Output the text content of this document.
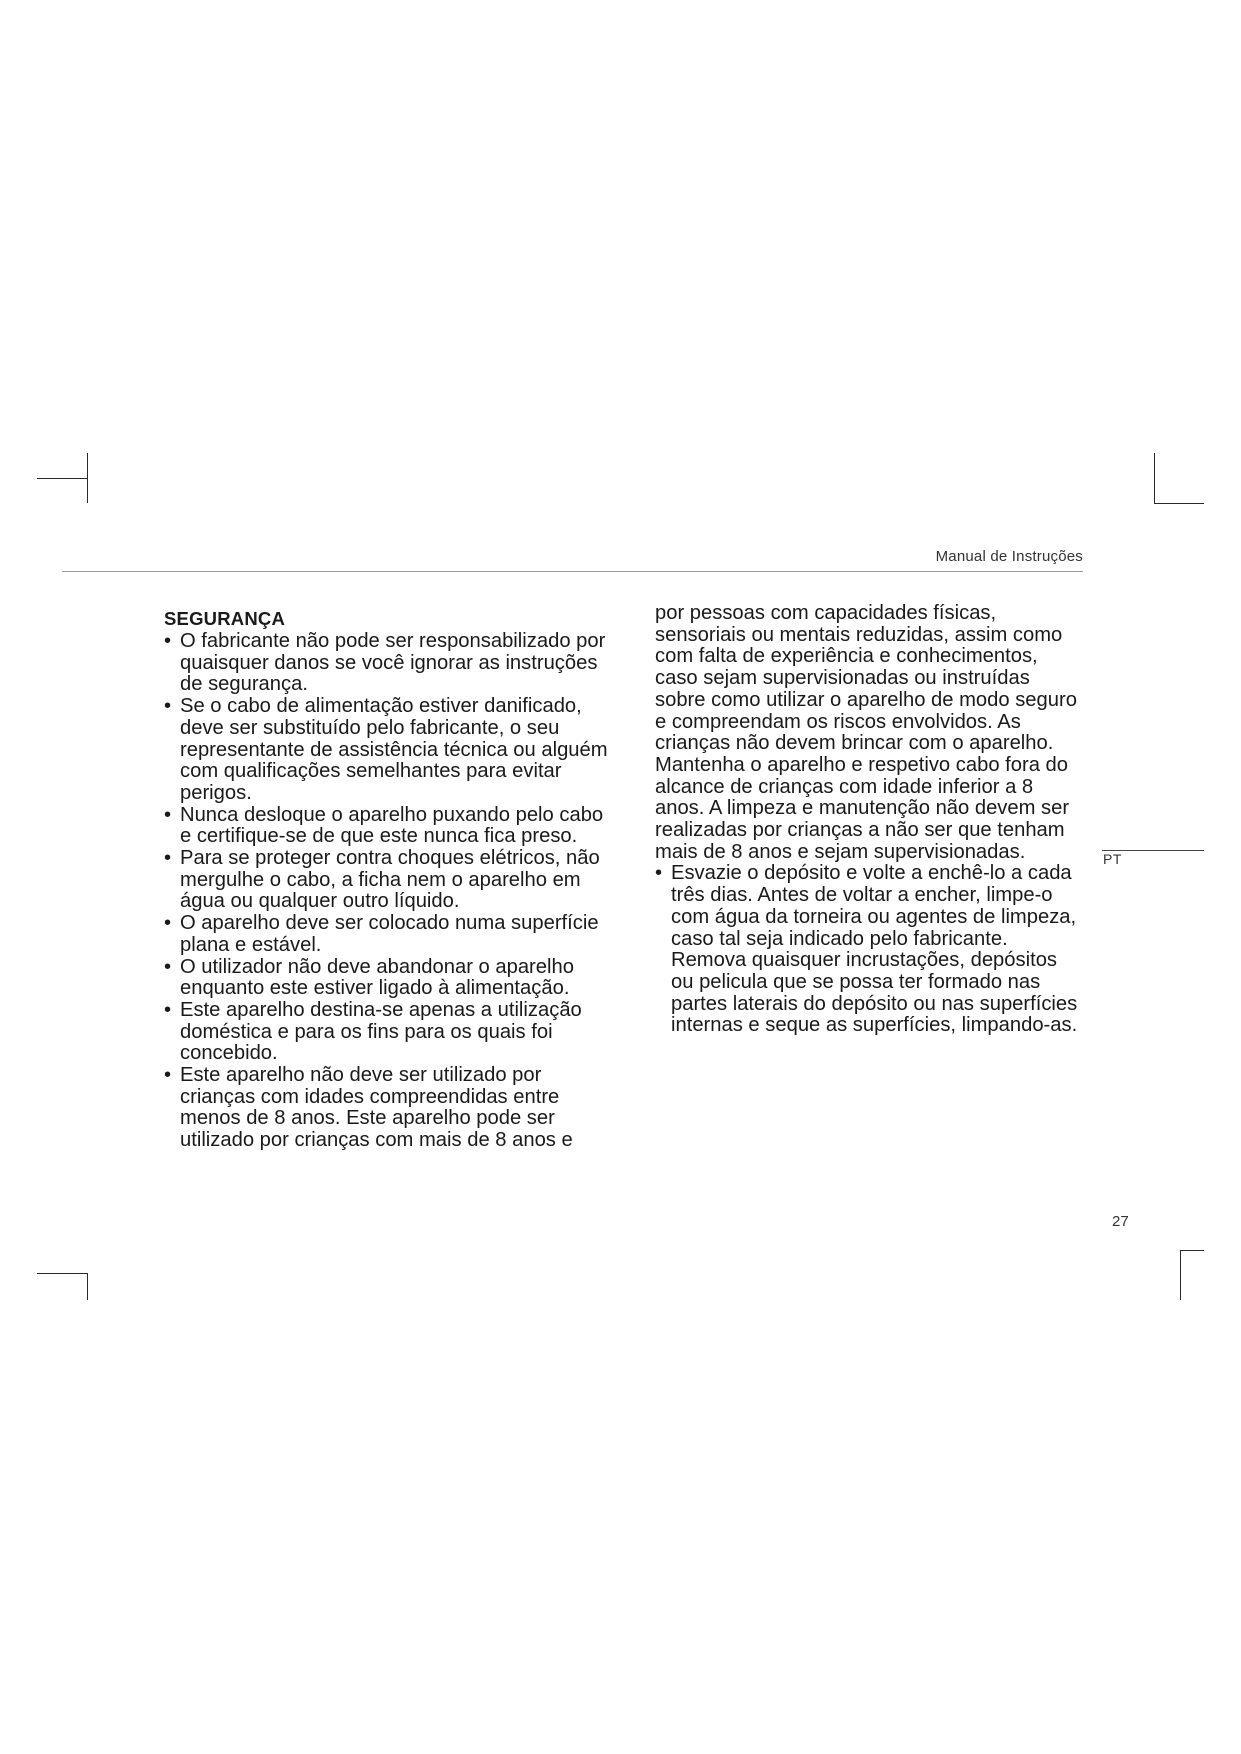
Manual de Instruções
SEGURANÇA
• O fabricante não pode ser responsabilizado por quaisquer danos se você ignorar as instruções de segurança.
• Se o cabo de alimentação estiver danificado, deve ser substituído pelo fabricante, o seu representante de assistência técnica ou alguém com qualificações semelhantes para evitar perigos.
• Nunca desloque o aparelho puxando pelo cabo e certifique-se de que este nunca fica preso.
• Para se proteger contra choques elétricos, não mergulhe o cabo, a ficha nem o aparelho em água ou qualquer outro líquido.
• O aparelho deve ser colocado numa superfície plana e estável.
• O utilizador não deve abandonar o aparelho enquanto este estiver ligado à alimentação.
• Este aparelho destina-se apenas a utilização doméstica e para os fins para os quais foi concebido.
• Este aparelho não deve ser utilizado por crianças com idades compreendidas entre menos de 8 anos. Este aparelho pode ser utilizado por crianças com mais de 8 anos e

por pessoas com capacidades físicas, sensoriais ou mentais reduzidas, assim como com falta de experiência e conhecimentos, caso sejam supervisionadas ou instruídas sobre como utilizar o aparelho de modo seguro e compreendam os riscos envolvidos. As crianças não devem brincar com o aparelho. Mantenha o aparelho e respetivo cabo fora do alcance de crianças com idade inferior a 8 anos. A limpeza e manutenção não devem ser realizadas por crianças a não ser que tenham mais de 8 anos e sejam supervisionadas.

• Esvazie o depósito e volte a enchê-lo a cada três dias. Antes de voltar a encher, limpe-o com água da torneira ou agentes de limpeza, caso tal seja indicado pelo fabricante. Remova quaisquer incrustações, depósitos ou pelicula que se possa ter formado nas partes laterais do depósito ou nas superfícies internas e seque as superfícies, limpando-as.
PT
27
